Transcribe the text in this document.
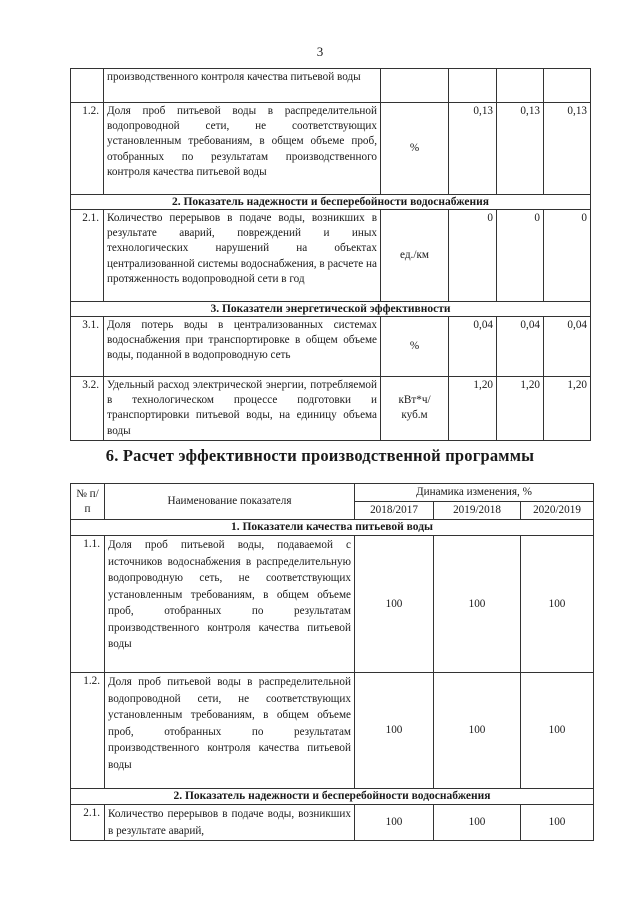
3
	производственного контроля качества питьевой воды				
1.2.	Доля проб питьевой воды в распределительной водопроводной сети, не соответствующих установленным требованиям, в общем объеме проб, отобранных по результатам производственного контроля качества питьевой воды	%	0,13	0,13	0,13
2. Показатель надежности и бесперебойности водоснабжения					
2.1.	Количество перерывов в подаче воды, возникших в результате аварий, повреждений и иных технологических нарушений на объектах централизованной системы водоснабжения, в расчете на протяженность водопроводной сети в год	ед./км	0	0	0
3. Показатели энергетической эффективности					
3.1.	Доля потерь воды в централизованных системах водоснабжения при транспортировке в общем объеме воды, поданной в водопроводную сеть	%	0,04	0,04	0,04
3.2.	Удельный расход электрической энергии, потребляемой в технологическом процессе подготовки и транспортировки питьевой воды, на единицу объема воды	кВт*ч/ куб.м	1,20	1,20	1,20
6. Расчет эффективности производственной программы
№ п/п	Наименование показателя	Динамика изменения, %		
		2018/2017	2019/2018	2020/2019
1. Показатели качества питьевой воды				
1.1.	Доля проб питьевой воды, подаваемой с источников водоснабжения в распределительную водопроводную сеть, не соответствующих установленным требованиям, в общем объеме проб, отобранных по результатам производственного контроля качества питьевой воды	100	100	100
1.2.	Доля проб питьевой воды в распределительной водопроводной сети, не соответствующих установленным требованиям, в общем объеме проб, отобранных по результатам производственного контроля качества питьевой воды	100	100	100
2. Показатель надежности и бесперебойности водоснабжения				
2.1.	Количество перерывов в подаче воды, возникших в результате аварий,	100	100	100
